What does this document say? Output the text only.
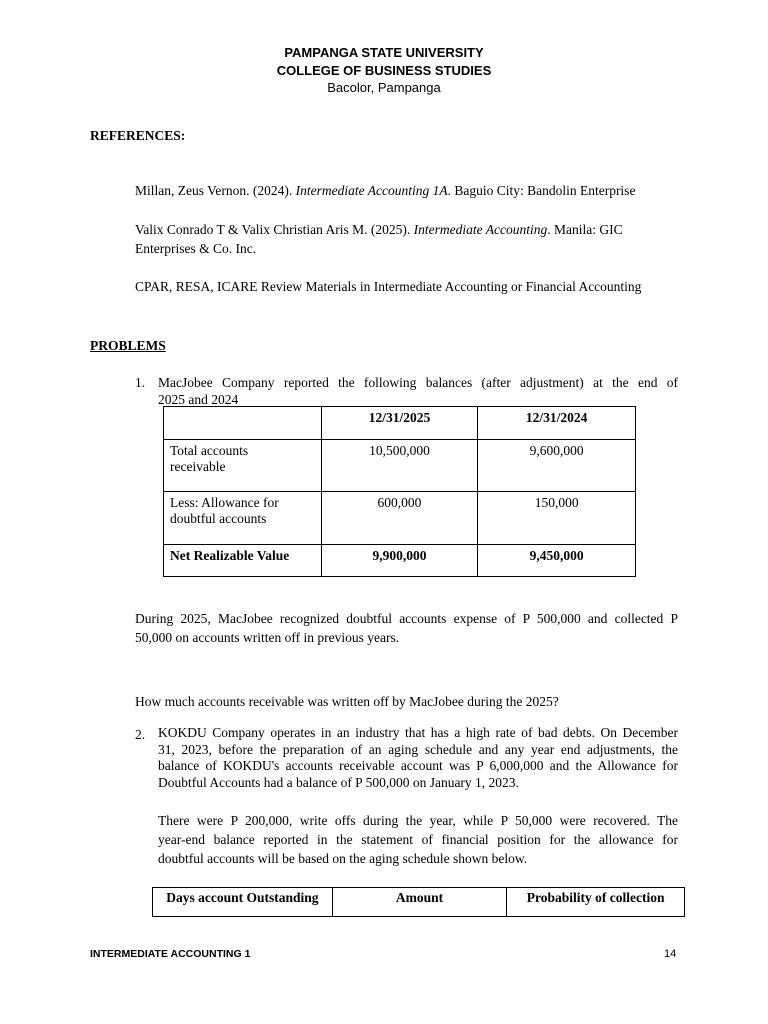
PAMPANGA STATE UNIVERSITY
COLLEGE OF BUSINESS STUDIES
Bacolor, Pampanga
REFERENCES:
Millan, Zeus Vernon. (2024). Intermediate Accounting 1A. Baguio City: Bandolin Enterprise
Valix Conrado T & Valix Christian Aris M. (2025). Intermediate Accounting. Manila: GIC
Enterprises & Co. Inc.
CPAR, RESA, ICARE Review Materials in Intermediate Accounting or Financial Accounting
PROBLEMS
1. MacJobee Company reported the following balances (after adjustment) at the end of
2025 and 2024
	12/31/2025	12/31/2024
Total accounts
receivable	10,500,000	9,600,000
Less: Allowance for
doubtful accounts	600,000	150,000
Net Realizable Value	9,900,000	9,450,000
During 2025, MacJobee recognized doubtful accounts expense of P 500,000 and collected P
50,000 on accounts written off in previous years.
How much accounts receivable was written off by MacJobee during the 2025?
2. KOKDU Company operates in an industry that has a high rate of bad debts. On December
31, 2023, before the preparation of an aging schedule and any year end adjustments, the
balance of KOKDU's accounts receivable account was P 6,000,000 and the Allowance for
Doubtful Accounts had a balance of P 500,000 on January 1, 2023.
There were P 200,000, write offs during the year, while P 50,000 were recovered. The
year-end balance reported in the statement of financial position for the allowance for
doubtful accounts will be based on the aging schedule shown below.
Days account Outstanding	Amount	Probability of collection
INTERMEDIATE ACCOUNTING 1	14
